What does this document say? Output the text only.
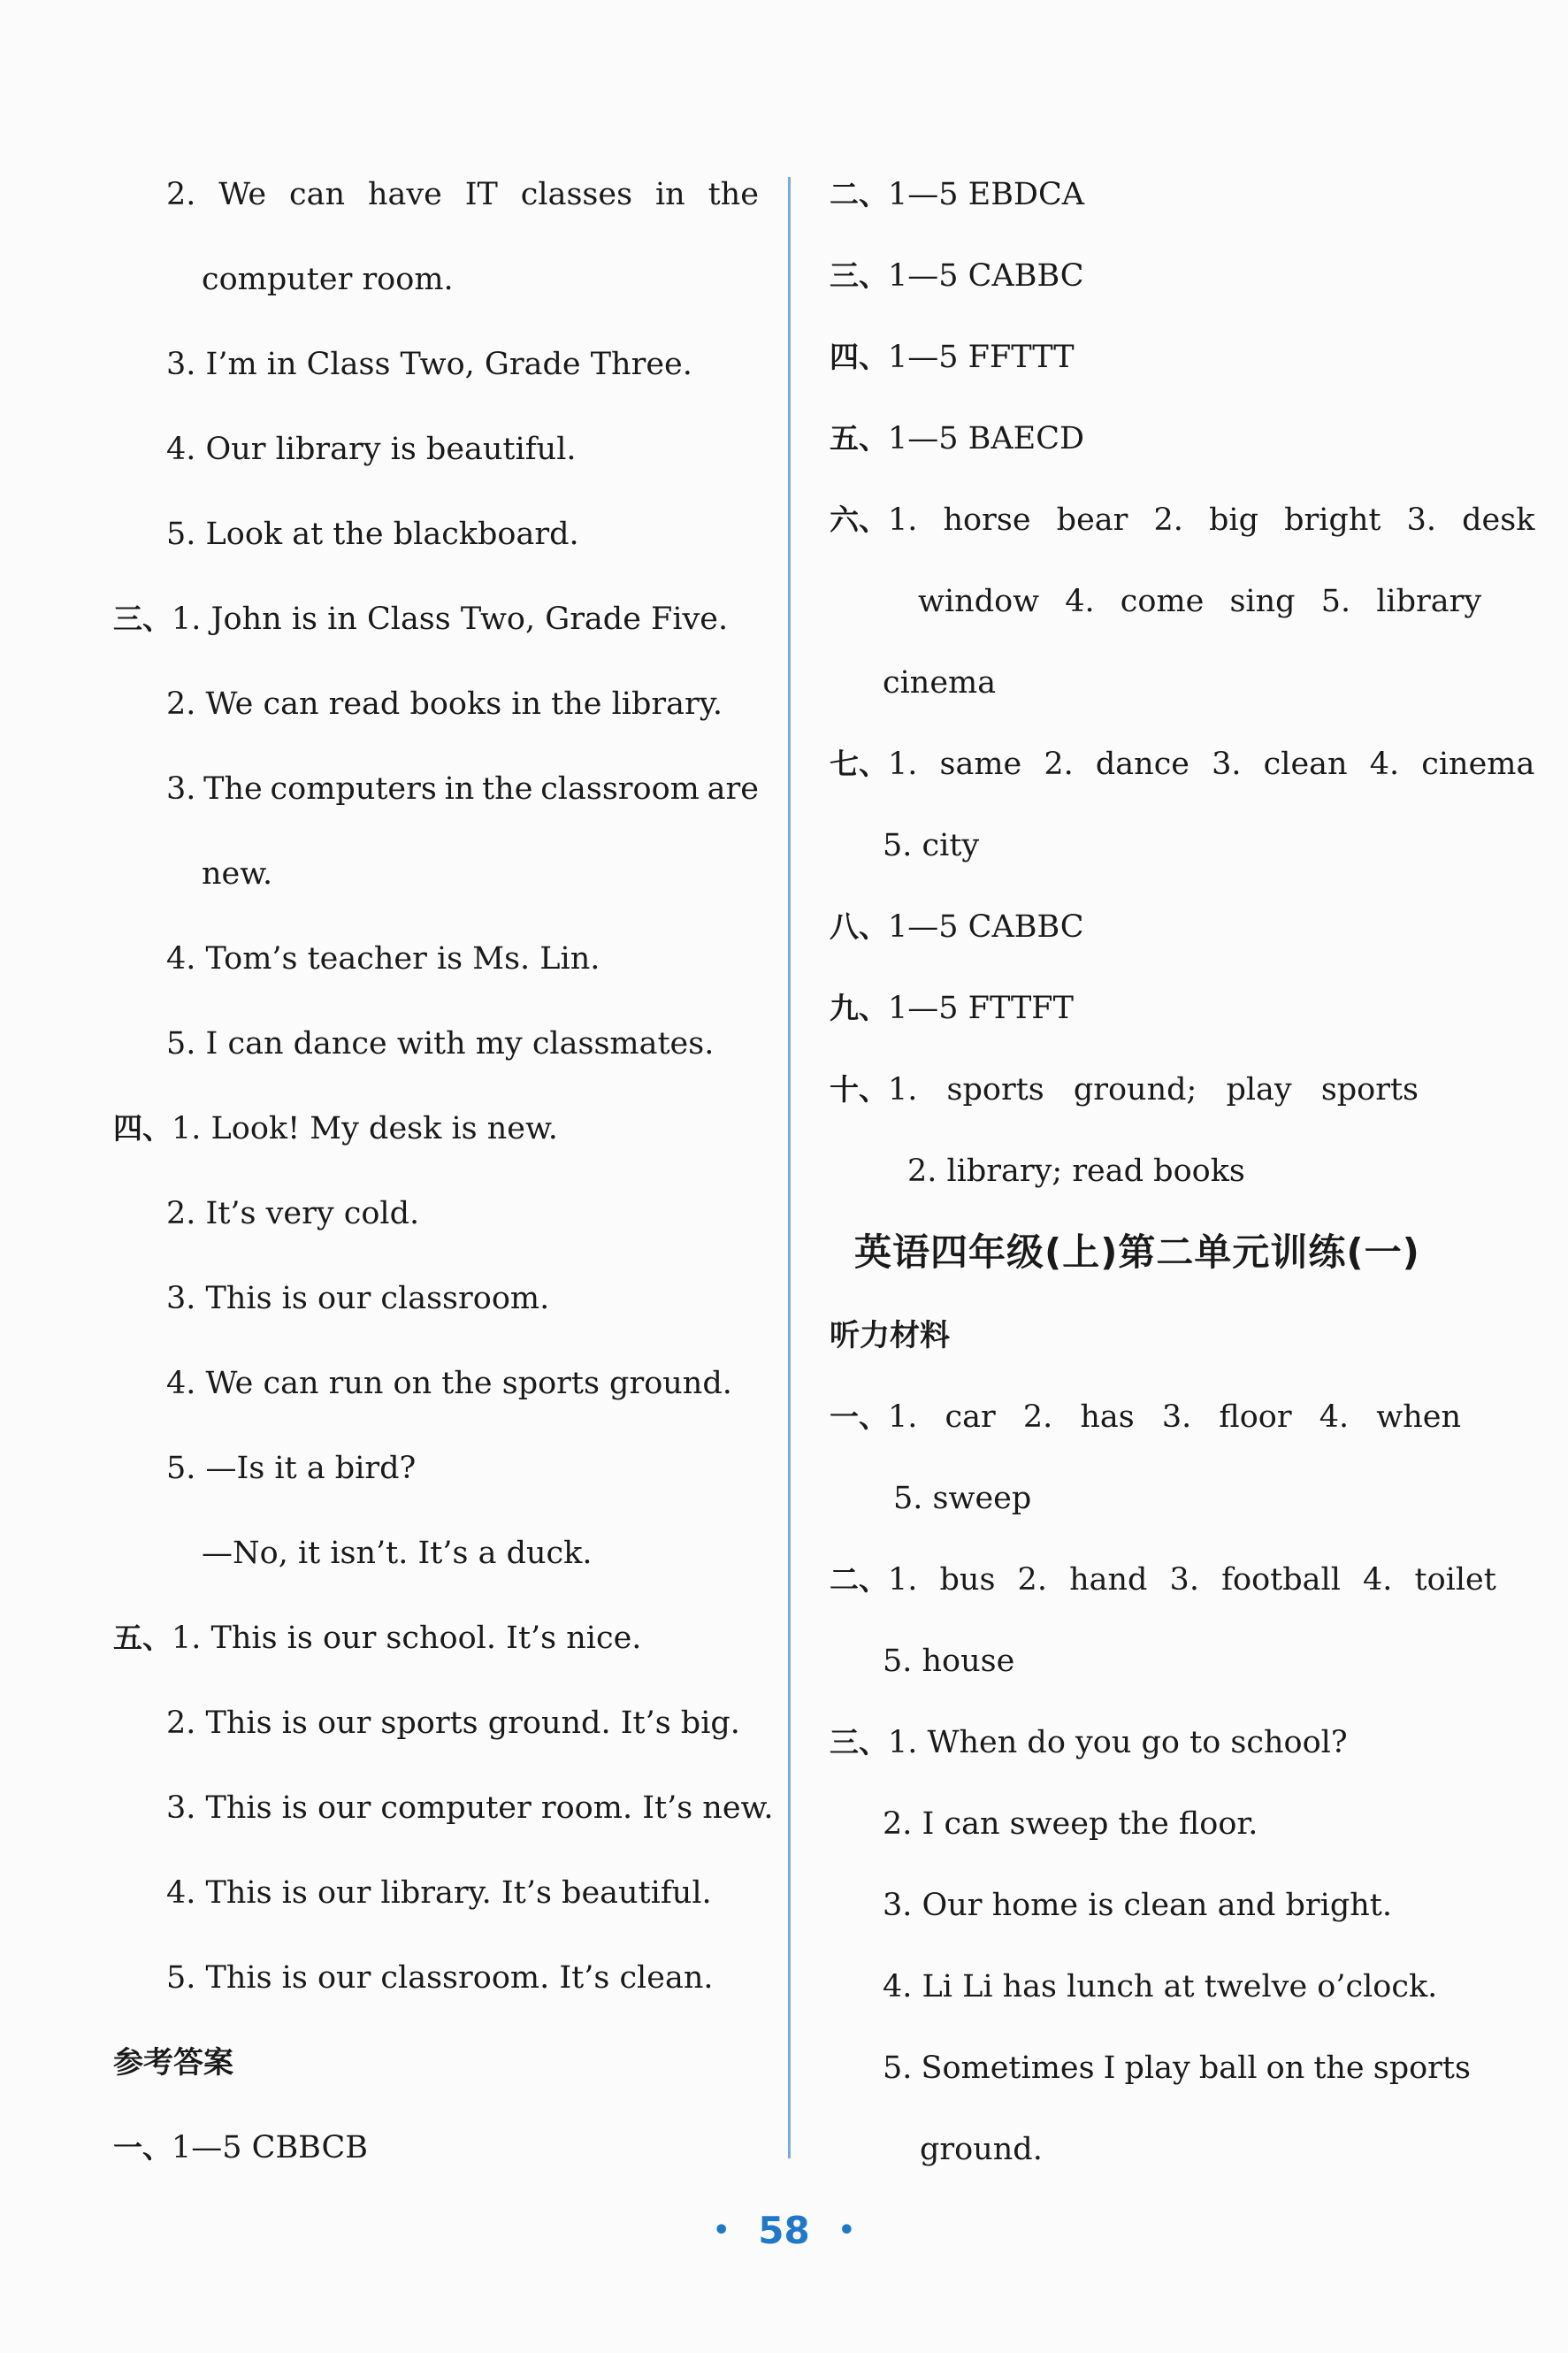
2. We can have IT classes in the
computer room.
3. I’m in Class Two, Grade Three.
4. Our library is beautiful.
5. Look at the blackboard.
三、1. John is in Class Two, Grade Five.
2. We can read books in the library.
3. The computers in the classroom are
new.
4. Tom’s teacher is Ms. Lin.
5. I can dance with my classmates.
四、1. Look! My desk is new.
2. It’s very cold.
3. This is our classroom.
4. We can run on the sports ground.
5. —Is it a bird?
—No, it isn’t. It’s a duck.
五、1. This is our school. It’s nice.
2. This is our sports ground. It’s big.
3. This is our computer room. It’s new.
4. This is our library. It’s beautiful.
5. This is our classroom. It’s clean.
参考答案
一、1—5 CBBCB
二、1—5 EBDCA
三、1—5 CABBC
四、1—5 FFTTT
五、1—5 BAECD
六、 1. horse bear 2. big bright 3. desk
window 4. come sing 5. library
cinema
七、1. same 2. dance 3. clean 4. cinema
5. city
八、1—5 CABBC
九、1—5 FTTFT
十、1. sports ground; play sports
2. library; read books
英语四年级(上)第二单元训练(一)
听力材料
一、1. car 2. has 3. floor 4. when
5. sweep
二、1. bus 2. hand 3. football 4. toilet
5. house
三、1. When do you go to school?
2. I can sweep the floor.
3. Our home is clean and bright.
4. Li Li has lunch at twelve o’clock.
5. Sometimes I play ball on the sports
ground.
• 58 •
